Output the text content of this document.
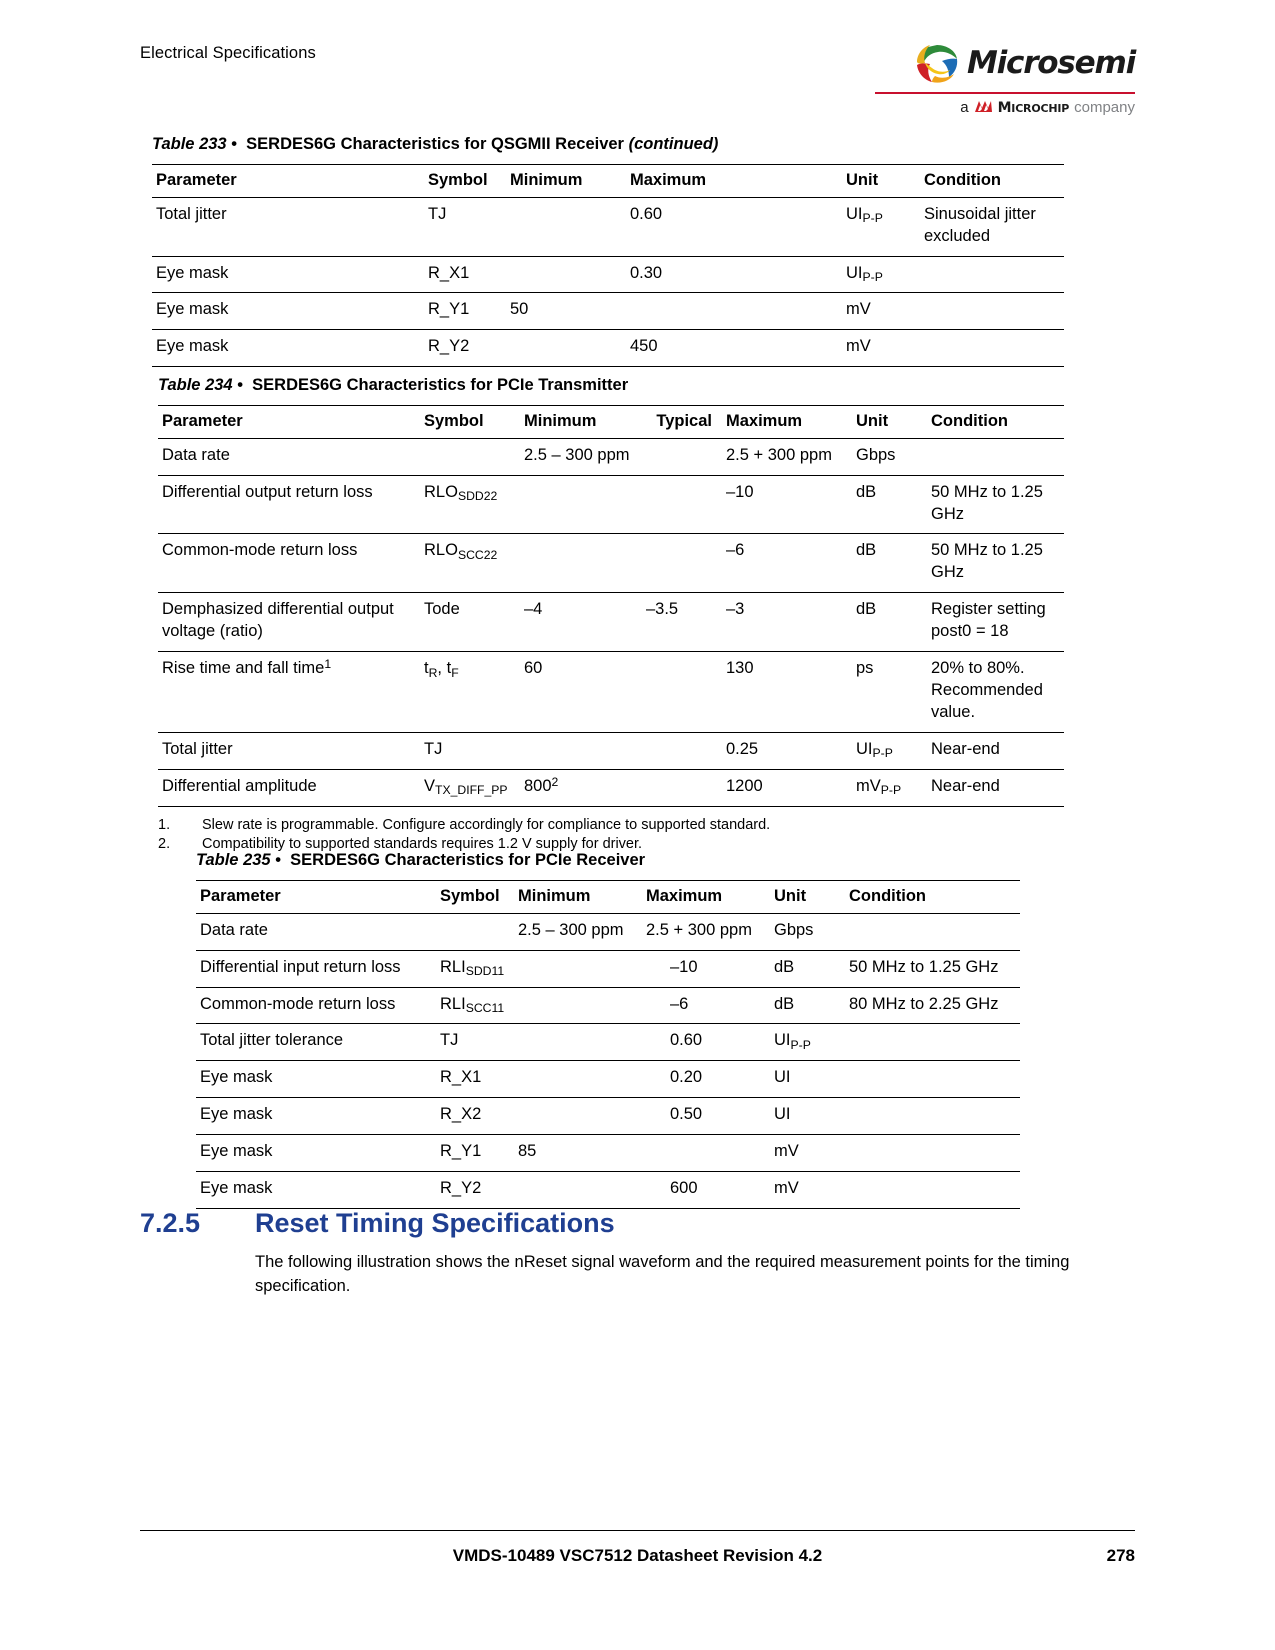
Electrical Specifications	Microsemi
a MICROCHIP company
Table 233 • SERDES6G Characteristics for QSGMII Receiver (continued)
Parameter	Symbol	Minimum	Maximum	Unit	Condition
Total jitter	TJ		0.60	$UI_{P-P}$	Sinusoidal jitter excluded
Eye mask	R_X1		0.30	$UI_{P-P}$	
Eye mask	R_Y1	50		mV	
Eye mask	R_Y2		450	mV	
Table 234 • SERDES6G Characteristics for PCIe Transmitter
Parameter	Symbol	Minimum	Typical	Maximum	Unit	Condition
Data rate		2.5 – 300 ppm		2.5 + 300 ppm	Gbps	
Differential output return loss	$RLO_{SDD22}$			–10	dB	50 MHz to 1.25 GHz
Common-mode return loss	$RLO_{SCC22}$			–6	dB	50 MHz to 1.25 GHz
Demphasized differential output voltage (ratio)	Tode	–4	–3.5	–3	dB	Register setting post0 = 18
Rise time and fall time$^1$	$t_R$, $t_F$	60		130	ps	20% to 80%. Recommended value.
Total jitter	TJ			0.25	$UI_{P-P}$	Near-end
Differential amplitude	$V_{TX\_DIFF\_PP}$	$800^2$		1200	$mV_{P-P}$	Near-end
1.	Slew rate is programmable. Configure accordingly for compliance to supported standard.
2.	Compatibility to supported standards requires 1.2 V supply for driver.
Table 235 • SERDES6G Characteristics for PCIe Receiver
Parameter	Symbol	Minimum	Maximum	Unit	Condition
Data rate		2.5 – 300 ppm	2.5 + 300 ppm	Gbps	
Differential input return loss	$RLI_{SDD11}$		–10	dB	50 MHz to 1.25 GHz
Common-mode return loss	$RLI_{SCC11}$		–6	dB	80 MHz to 2.25 GHz
Total jitter tolerance	TJ		0.60	$UI_{P-P}$	
Eye mask	R_X1		0.20	UI	
Eye mask	R_X2		0.50	UI	
Eye mask	R_Y1	85		mV	
Eye mask	R_Y2		600	mV	
7.2.5	Reset Timing Specifications

The following illustration shows the nReset signal waveform and the required measurement points for the timing specification.

VMDS-10489 VSC7512 Datasheet Revision 4.2	278
